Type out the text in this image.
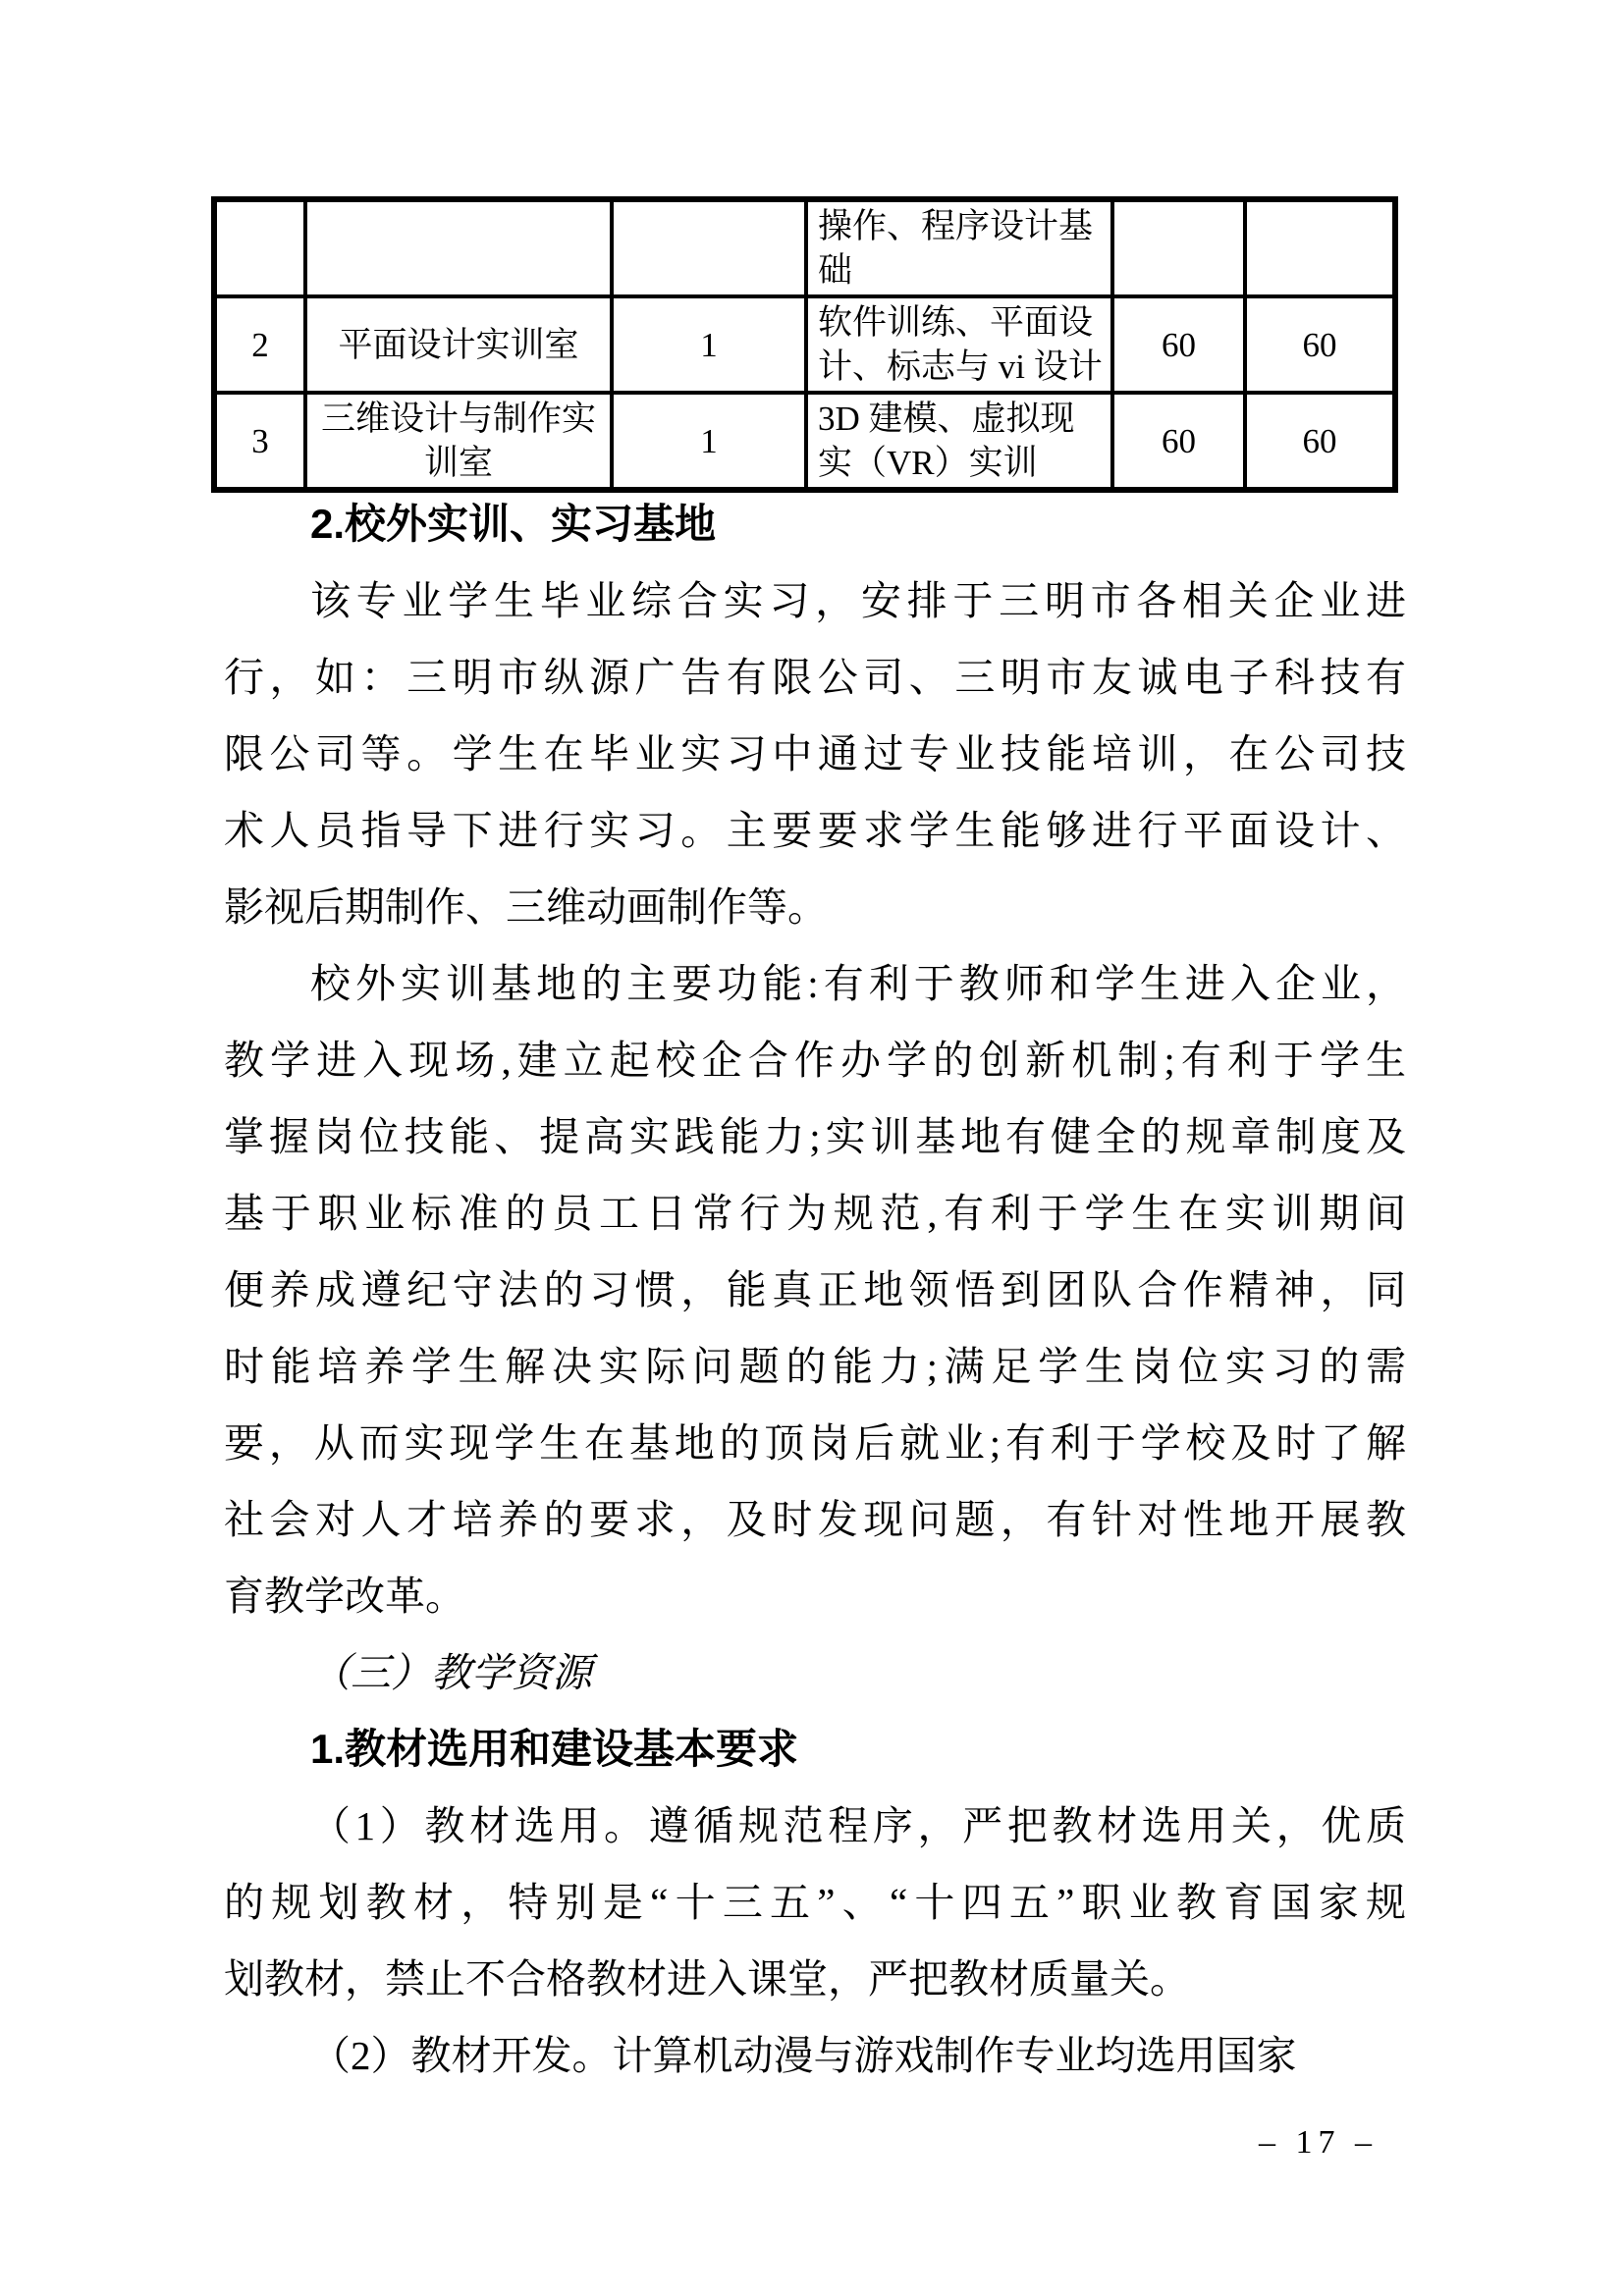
			操作、程序设计基础		
2	平面设计实训室	1	软件训练、平面设计、标志与 vi 设计	60	60
3	三维设计与制作实训室	1	3D 建模、虚拟现实（VR）实训	60	60
2.校外实训、实习基地
该专业学生毕业综合实习，安排于三明市各相关企业进
行，如：三明市纵源广告有限公司、三明市友诚电子科技有
限公司等。学生在毕业实习中通过专业技能培训，在公司技
术人员指导下进行实习。主要要求学生能够进行平面设计、
影视后期制作、三维动画制作等。
校外实训基地的主要功能:有利于教师和学生进入企业，
教学进入现场,建立起校企合作办学的创新机制;有利于学生
掌握岗位技能、提高实践能力;实训基地有健全的规章制度及
基于职业标准的员工日常行为规范,有利于学生在实训期间
便养成遵纪守法的习惯，能真正地领悟到团队合作精神，同
时能培养学生解决实际问题的能力;满足学生岗位实习的需
要，从而实现学生在基地的顶岗后就业;有利于学校及时了解
社会对人才培养的要求，及时发现问题，有针对性地开展教
育教学改革。
（三）教学资源
1.教材选用和建设基本要求
（1）教材选用。遵循规范程序，严把教材选用关，优质
的规划教材，特别是“十三五”、“十四五”职业教育国家规
划教材，禁止不合格教材进入课堂，严把教材质量关。
（2）教材开发。计算机动漫与游戏制作专业均选用国家
– 17 –
